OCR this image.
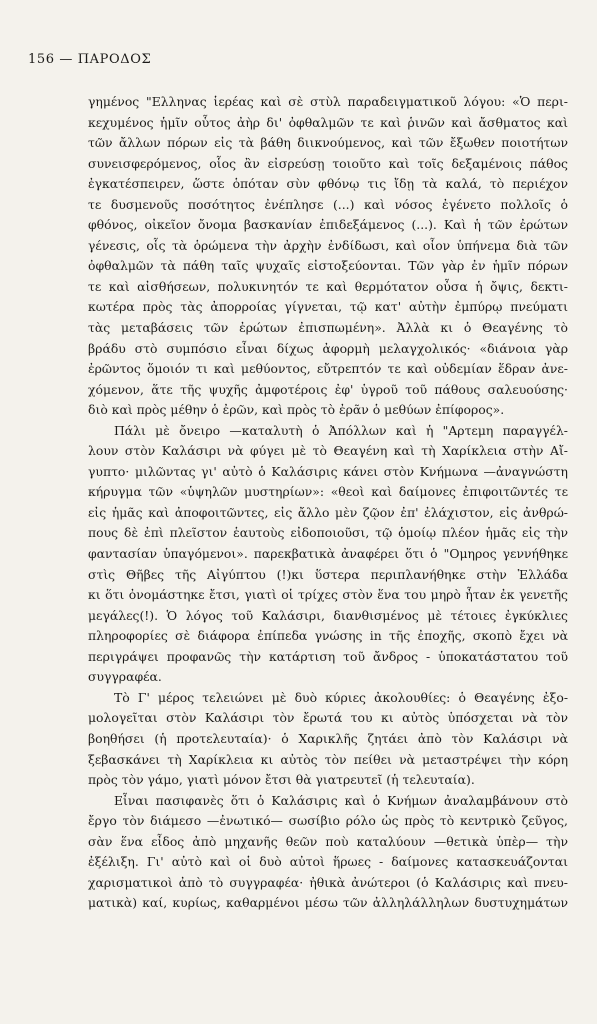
156 — ΠΑΡΟΔΟΣ
γημένος "Ελληνας ἱερέας καὶ σὲ στὺλ παραδειγματικοῦ λόγου: «Ὁ περι-
κεχυμένος ἡμῖν οὗτος ἀὴρ δι' ὀφθαλμῶν τε καὶ ῥινῶν καὶ ἄσθματος καὶ
τῶν ἄλλων πόρων εἰς τὰ βάθη διικνούμενος, καὶ τῶν ἔξωθεν ποιοτήτων
συνεισφερόμενος, οἷος ἂν εἰσρεύσῃ τοιοῦτο καὶ τοῖς δεξαμένοις πάθος
ἐγκατέσπειρεν, ὥστε ὁπόταν σὺν φθόνῳ τις ἴδῃ τὰ καλά, τὸ περιέχον
τε δυσμενοῦς ποσότητος ἐνέπλησε (...) καὶ νόσος ἐγένετο πολλοῖς ὁ
φθόνος, οἰκεῖον ὄνομα βασκανίαν ἐπιδεξάμενος (...). Καὶ ἡ τῶν ἐρώτων
γένεσις, οἷς τὰ ὁρώμενα τὴν ἀρχὴν ἐνδίδωσι, καὶ οἷον ὑπήνεμα διὰ τῶν
ὀφθαλμῶν τὰ πάθη ταῖς ψυχαῖς εἰστοξεύονται. Τῶν γὰρ ἐν ἡμῖν πόρων
τε καὶ αἰσθήσεων, πολυκινητόν τε καὶ θερμότατον οὖσα ἡ ὄψις, δεκτι-
κωτέρα πρὸς τὰς ἀπορροίας γίγνεται, τῷ κατ' αὐτὴν ἐμπύρῳ πνεύματι
τὰς μεταβάσεις τῶν ἐρώτων ἐπισπωμένη». Ἀλλὰ κι ὁ Θεαγένης τὸ
βράδυ στὸ συμπόσιο εἶναι δίχως ἀφορμὴ μελαγχολικός· «διάνοια γὰρ
ἐρῶντος ὅμοιόν τι καὶ μεθύοντος, εὔτρεπτόν τε καὶ οὐδεμίαν ἕδραν ἀνε-
χόμενον, ἅτε τῆς ψυχῆς ἀμφοτέροις ἐφ' ὑγροῦ τοῦ πάθους σαλευούσης·
διὸ καὶ πρὸς μέθην ὁ ἐρῶν, καὶ πρὸς τὸ ἐρᾶν ὁ μεθύων ἐπίφορος».
Πάλι μὲ ὄνειρο —καταλυτὴ ὁ Ἀπόλλων καὶ ἡ "Αρτεμη παραγγέλ-
λουν στὸν Καλάσιρι νὰ φύγει μὲ τὸ Θεαγένη καὶ τὴ Χαρίκλεια στὴν Αἴ-
γυπτο· μιλῶντας γι' αὐτὸ ὁ Καλάσιρις κάνει στὸν Κνήμωνα —ἀναγνώστη
κήρυγμα τῶν «ὑψηλῶν μυστηρίων»: «θεοὶ καὶ δαίμονες ἐπιφοιτῶντές τε
εἰς ἡμᾶς καὶ ἀποφοιτῶντες, εἰς ἄλλο μὲν ζῷον ἐπ' ἐλάχιστον, εἰς ἀνθρώ-
πους δὲ ἐπὶ πλεῖστον ἑαυτοὺς εἰδοποιοῦσι, τῷ ὁμοίῳ πλέον ἡμᾶς εἰς τὴν
φαντασίαν ὑπαγόμενοι». παρεκβατικὰ ἀναφέρει ὅτι ὁ "Ομηρος γεννήθηκε
στὶς Θῆβες τῆς Αἰγύπτου (!)κι ὕστερα περιπλανήθηκε στὴν Ἑλλάδα
κι ὅτι ὀνομάστηκε ἔτσι, γιατὶ οἱ τρίχες στὸν ἕνα του μηρὸ ἦταν ἐκ γενετῆς
μεγάλες(!). Ὁ λόγος τοῦ Καλάσιρι, διανθισμένος μὲ τέτοιες ἐγκύκλιες
πληροφορίες σὲ διάφορα ἐπίπεδα γνώσης in τῆς ἐποχῆς, σκοπὸ ἔχει νὰ
περιγράψει προφανῶς τὴν κατάρτιση τοῦ ἄνδρος - ὑποκατάστατου τοῦ
συγγραφέα.
Τὸ Γ' μέρος τελειώνει μὲ δυὸ κύριες ἀκολουθίες: ὁ Θεαγένης ἐξο-
μολογεῖται στὸν Καλάσιρι τὸν ἔρωτά του κι αὐτὸς ὑπόσχεται νὰ τὸν
βοηθήσει (ἡ προτελευταία)· ὁ Χαρικλῆς ζητάει ἀπὸ τὸν Καλάσιρι νὰ
ξεβασκάνει τὴ Χαρίκλεια κι αὐτὸς τὸν πείθει νὰ μεταστρέψει τὴν κόρη
πρὸς τὸν γάμο, γιατὶ μόνον ἔτσι θὰ γιατρευτεῖ (ἡ τελευταία).
Εἶναι πασιφανὲς ὅτι ὁ Καλάσιρις καὶ ὁ Κνήμων ἀναλαμβάνουν στὸ
ἔργο τὸν διάμεσο —ἐνωτικό— σωσίβιο ρόλο ὡς πρὸς τὸ κεντρικὸ ζεῦγος,
σὰν ἕνα εἶδος ἀπὸ μηχανῆς θεῶν ποὺ καταλύουν —θετικὰ ὑπὲρ— τὴν
ἐξέλιξη. Γι' αὐτὸ καὶ οἱ δυὸ αὐτοὶ ἥρωες - δαίμονες κατασκευάζονται
χαρισματικοὶ ἀπὸ τὸ συγγραφέα· ἠθικὰ ἀνώτεροι (ὁ Καλάσιρις καὶ πνευ-
ματικὰ) καί, κυρίως, καθαρμένοι μέσω τῶν ἀλληλάλληλων δυστυχημάτων
